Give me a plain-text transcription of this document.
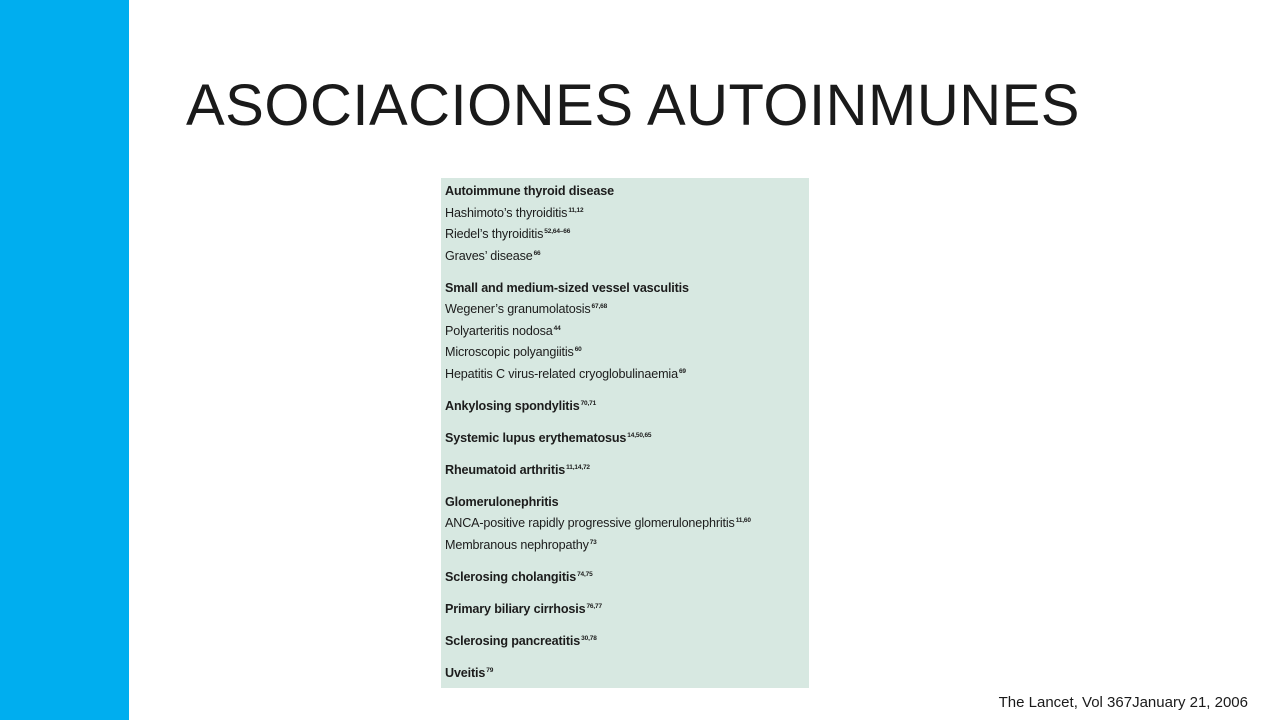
ASOCIACIONES AUTOINMUNES
Autoimmune thyroid disease
Hashimoto’s thyroiditis$^{11,12}$
Riedel’s thyroiditis$^{52,64-66}$
Graves’ disease$^{66}$
Small and medium-sized vessel vasculitis
Wegener’s granumolatosis$^{67,68}$
Polyarteritis nodosa$^{44}$
Microscopic polyangiitis$^{60}$
Hepatitis C virus-related cryoglobulinaemia$^{69}$
Ankylosing spondylitis$^{70,71}$
Systemic lupus erythematosus$^{14,50,65}$
Rheumatoid arthritis$^{11,14,72}$
Glomerulonephritis
ANCA-positive rapidly progressive glomerulonephritis$^{11,60}$
Membranous nephropathy$^{73}$
Sclerosing cholangitis$^{74,75}$
Primary biliary cirrhosis$^{76,77}$
Sclerosing pancreatitis$^{30,78}$
Uveitis$^{79}$
The Lancet, Vol 367January 21, 2006
